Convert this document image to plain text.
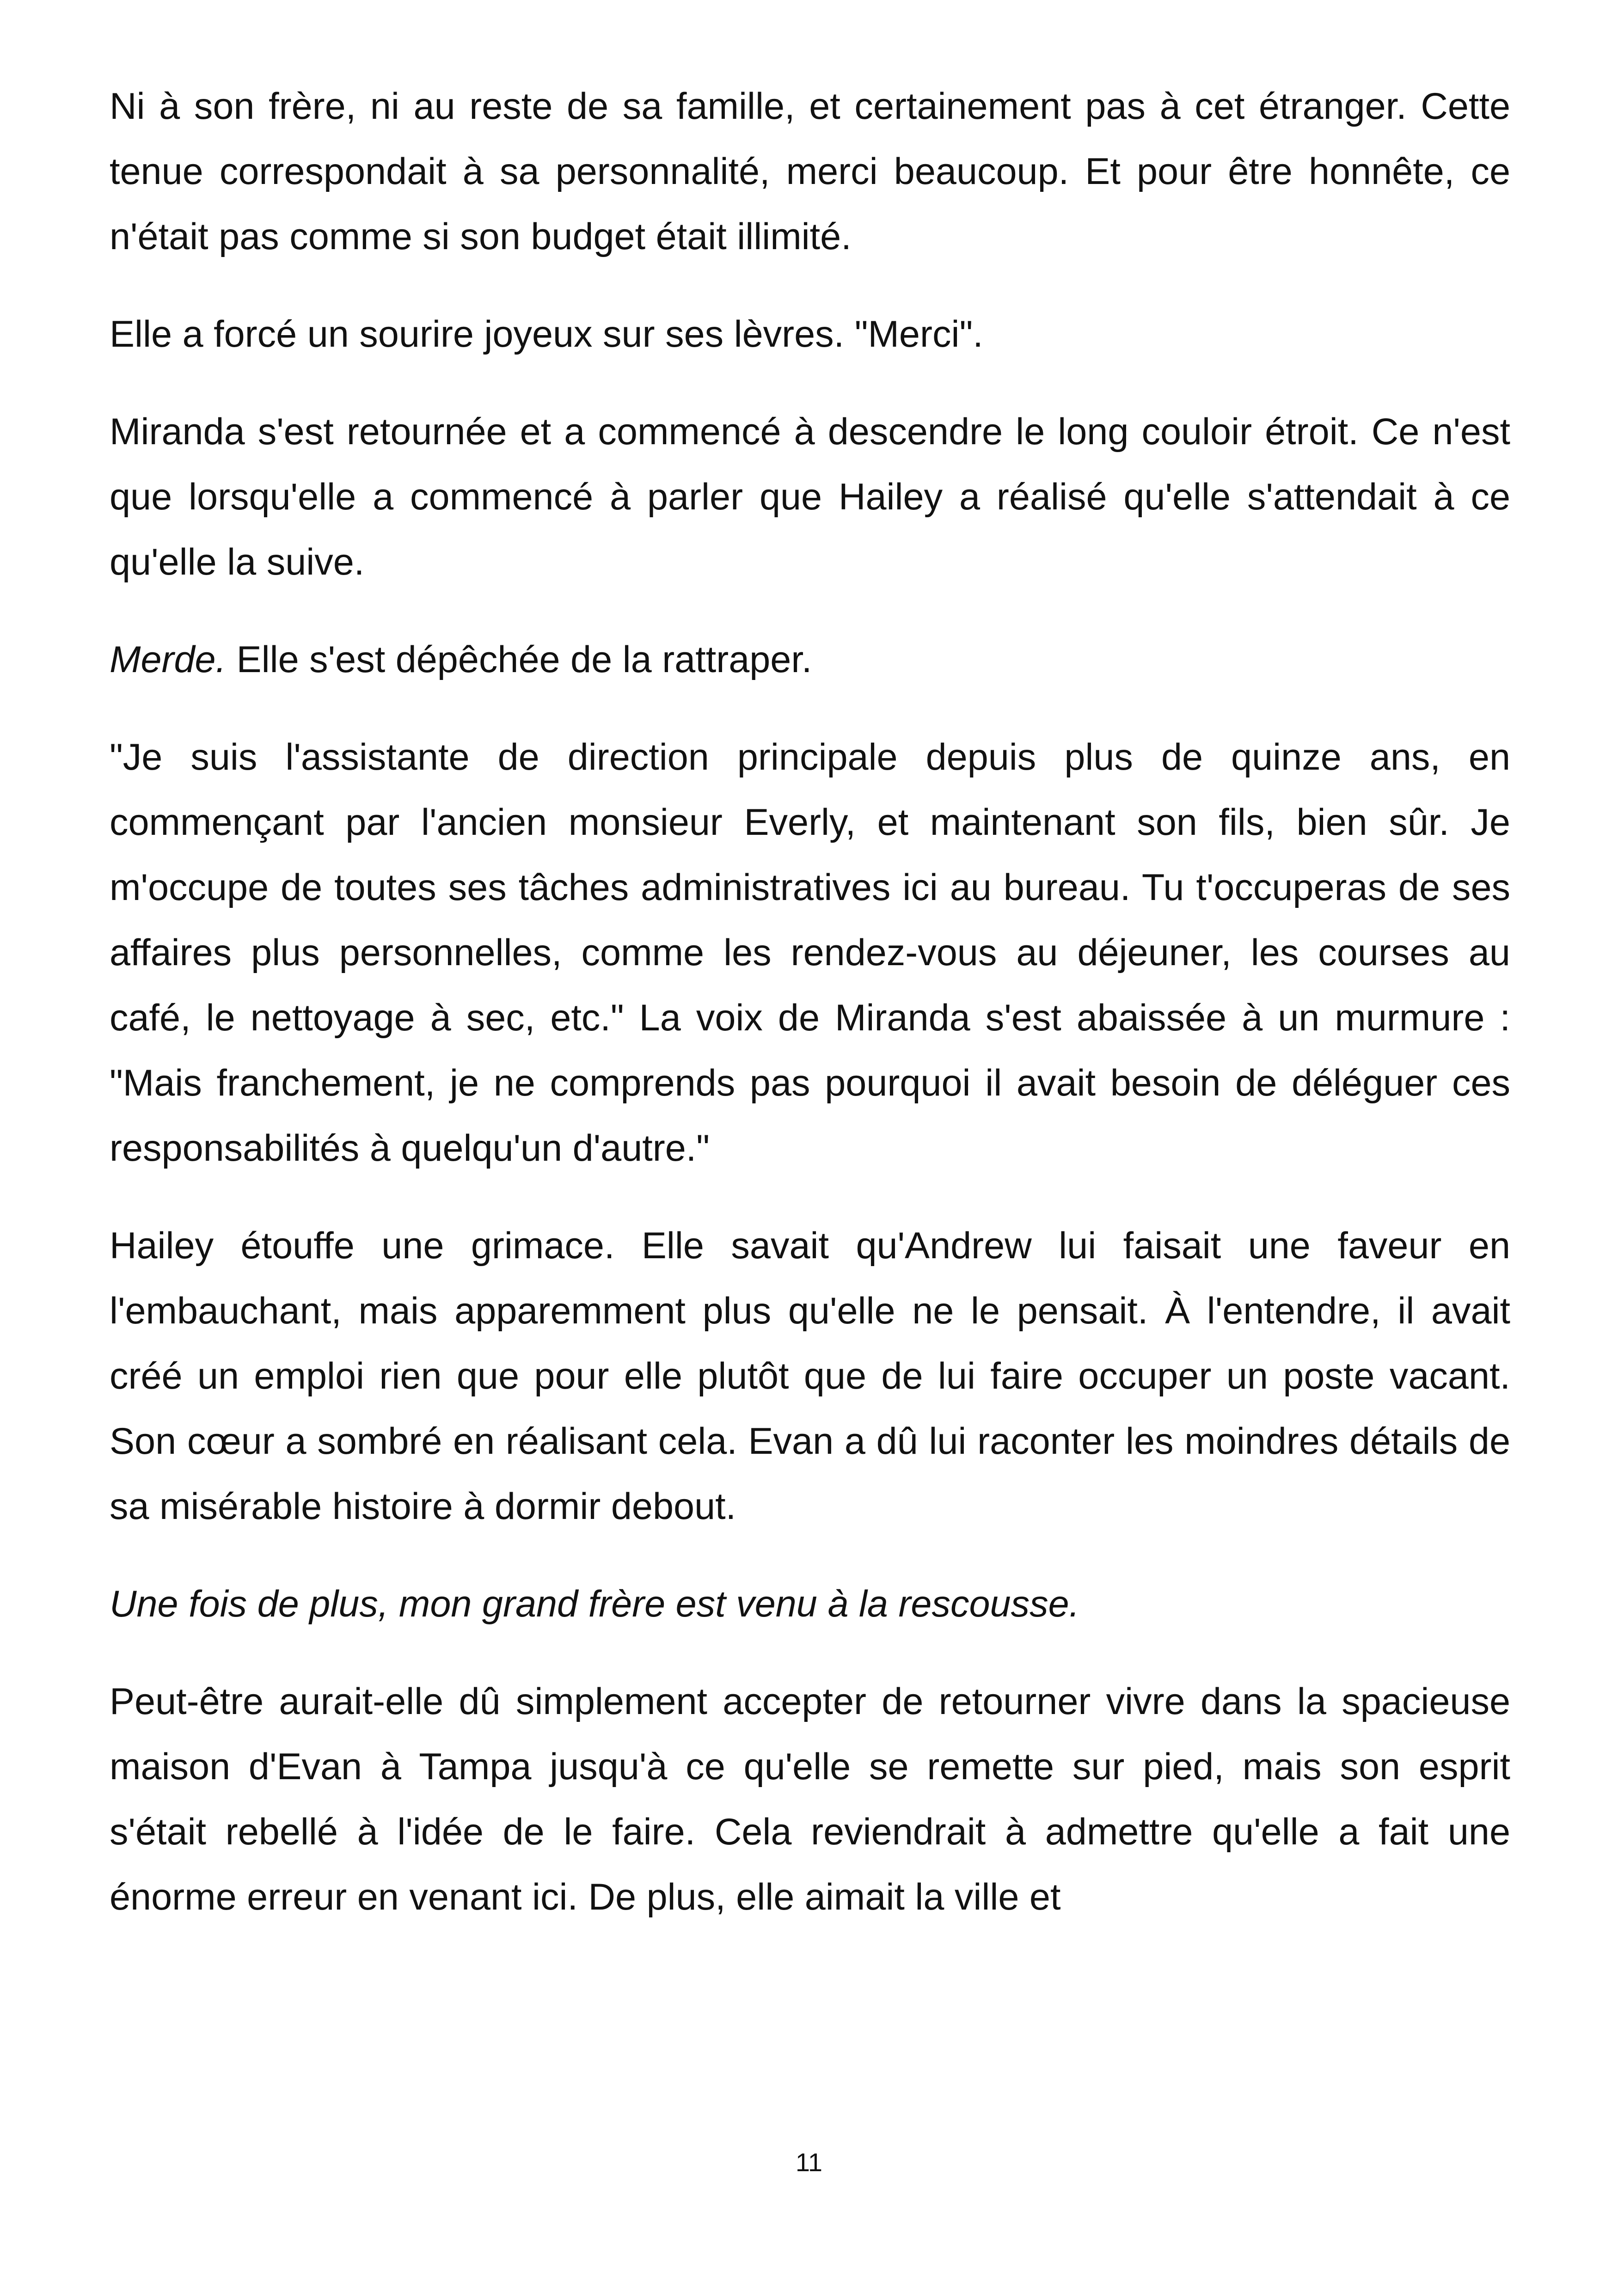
Ni à son frère, ni au reste de sa famille, et certainement pas à cet étranger. Cette tenue correspondait à sa personnalité, merci beaucoup. Et pour être honnête, ce n'était pas comme si son budget était illimité.

Elle a forcé un sourire joyeux sur ses lèvres. "Merci".

Miranda s'est retournée et a commencé à descendre le long couloir étroit. Ce n'est que lorsqu'elle a commencé à parler que Hailey a réalisé qu'elle s'attendait à ce qu'elle la suive.

Merde. Elle s'est dépêchée de la rattraper.

"Je suis l'assistante de direction principale depuis plus de quinze ans, en commençant par l'ancien monsieur Everly, et maintenant son fils, bien sûr. Je m'occupe de toutes ses tâches administratives ici au bureau. Tu t'occuperas de ses affaires plus personnelles, comme les rendez-vous au déjeuner, les courses au café, le nettoyage à sec, etc." La voix de Miranda s'est abaissée à un murmure : "Mais franchement, je ne comprends pas pourquoi il avait besoin de déléguer ces responsabilités à quelqu'un d'autre."

Hailey étouffe une grimace. Elle savait qu'Andrew lui faisait une faveur en l'embauchant, mais apparemment plus qu'elle ne le pensait. À l'entendre, il avait créé un emploi rien que pour elle plutôt que de lui faire occuper un poste vacant. Son cœur a sombré en réalisant cela. Evan a dû lui raconter les moindres détails de sa misérable histoire à dormir debout.

Une fois de plus, mon grand frère est venu à la rescousse.

Peut-être aurait-elle dû simplement accepter de retourner vivre dans la spacieuse maison d'Evan à Tampa jusqu'à ce qu'elle se remette sur pied, mais son esprit s'était rebellé à l'idée de le faire. Cela reviendrait à admettre qu'elle a fait une énorme erreur en venant ici. De plus, elle aimait la ville et

11
